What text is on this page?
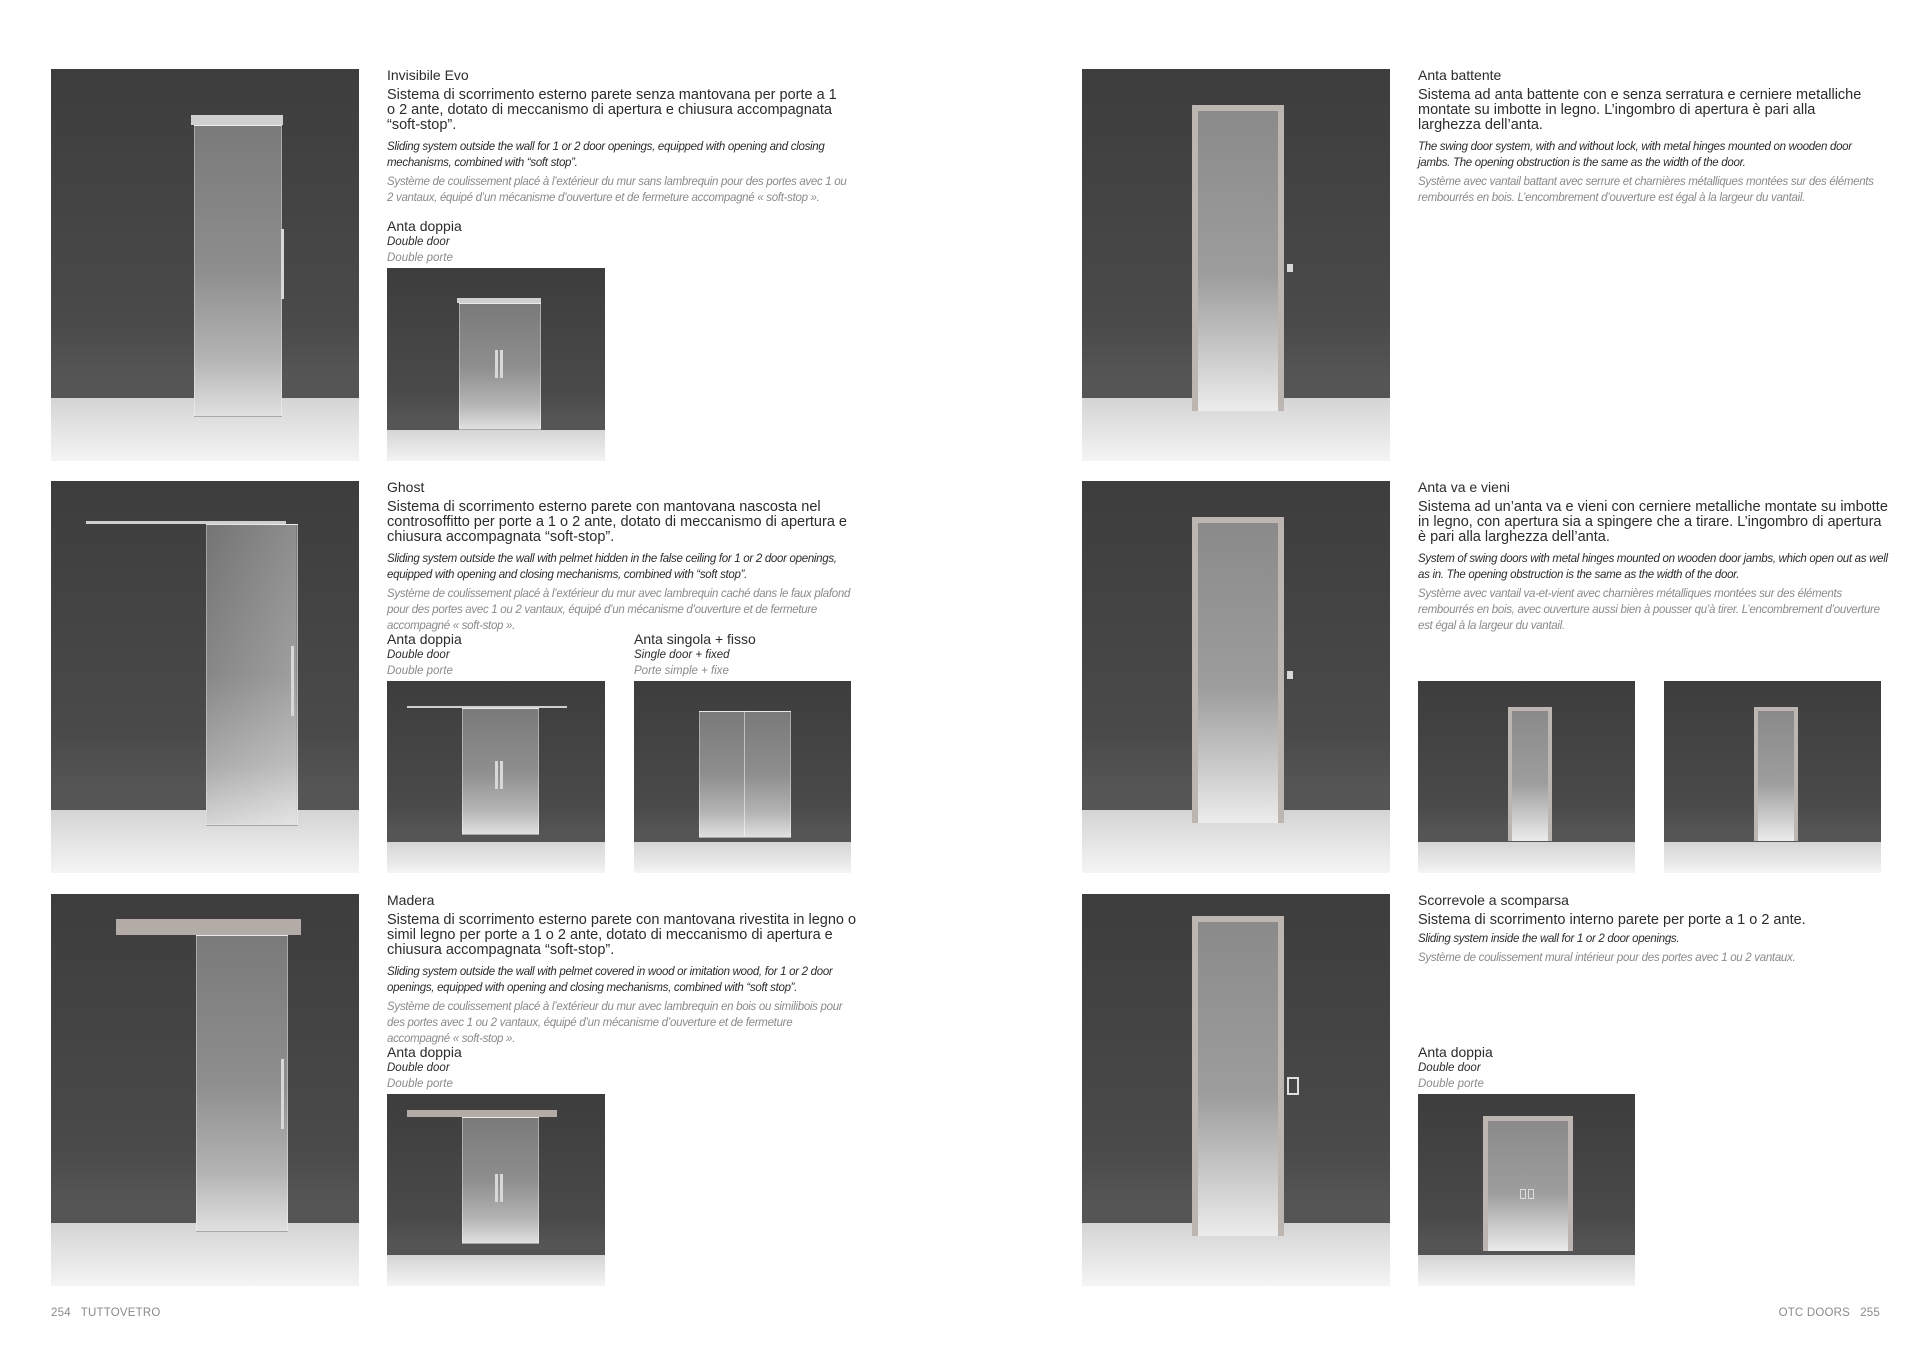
Invisibile Evo
Sistema di scorrimento esterno parete senza mantovana per porte a 1 o 2 ante, dotato di meccanismo di apertura e chiusura accompagnata “soft-stop”.
Sliding system outside the wall for 1 or 2 door openings, equipped with opening and closing mechanisms, combined with “soft stop”.
Système de coulissement placé à l’extérieur du mur sans lambrequin pour des portes avec 1 ou 2 vantaux, équipé d’un mécanisme d’ouverture et de fermeture accompagné « soft-stop ».
Anta doppia
Double door
Double porte
Ghost
Sistema di scorrimento esterno parete con mantovana nascosta nel controsoffitto per porte a 1 o 2 ante, dotato di meccanismo di apertura e chiusura accompagnata “soft-stop”.
Sliding system outside the wall with pelmet hidden in the false ceiling for 1 or 2 door openings, equipped with opening and closing mechanisms, combined with “soft stop”.
Système de coulissement placé à l’extérieur du mur avec lambrequin caché dans le faux plafond pour des portes avec 1 ou 2 vantaux, équipé d’un mécanisme d’ouverture et de fermeture accompagné « soft-stop ».
Anta doppia
Double door
Double porte
Anta singola + fisso
Single door + fixed
Porte simple + fixe
Madera
Sistema di scorrimento esterno parete con mantovana rivestita in legno o simil legno per porte a 1 o 2 ante, dotato di meccanismo di apertura e chiusura accompagnata “soft-stop”.
Sliding system outside the wall with pelmet covered in wood or imitation wood, for 1 or 2 door openings, equipped with opening and closing mechanisms, combined with “soft stop”.
Système de coulissement placé à l’extérieur du mur avec lambrequin en bois ou similibois pour des portes avec 1 ou 2 vantaux, équipé d’un mécanisme d’ouverture et de fermeture accompagné « soft-stop ».
Anta doppia
Double door
Double porte
254 TUTTOVETRO
Anta battente
Sistema ad anta battente con e senza serratura e cerniere metalliche montate su imbotte in legno. L’ingombro di apertura è pari alla larghezza dell’anta.
The swing door system, with and without lock, with metal hinges mounted on wooden door jambs. The opening obstruction is the same as the width of the door.
Système avec vantail battant avec serrure et charnières métalliques montées sur des éléments rembourrés en bois. L’encombrement d’ouverture est égal à la largeur du vantail.
Anta va e vieni
Sistema ad un’anta va e vieni con cerniere metalliche montate su imbotte in legno, con apertura sia a spingere che a tirare. L’ingombro di apertura è pari alla larghezza dell’anta.
System of swing doors with metal hinges mounted on wooden door jambs, which open out as well as in. The opening obstruction is the same as the width of the door.
Système avec vantail va-et-vient avec charnières métalliques montées sur des éléments rembourrés en bois, avec ouverture aussi bien à pousser qu’à tirer. L’encombrement d’ouverture est égal à la largeur du vantail.
Scorrevole a scomparsa
Sistema di scorrimento interno parete per porte a 1 o 2 ante.
Sliding system inside the wall for 1 or 2 door openings.
Système de coulissement mural intérieur pour des portes avec 1 ou 2 vantaux.
Anta doppia
Double door
Double porte
OTC DOORS 255
